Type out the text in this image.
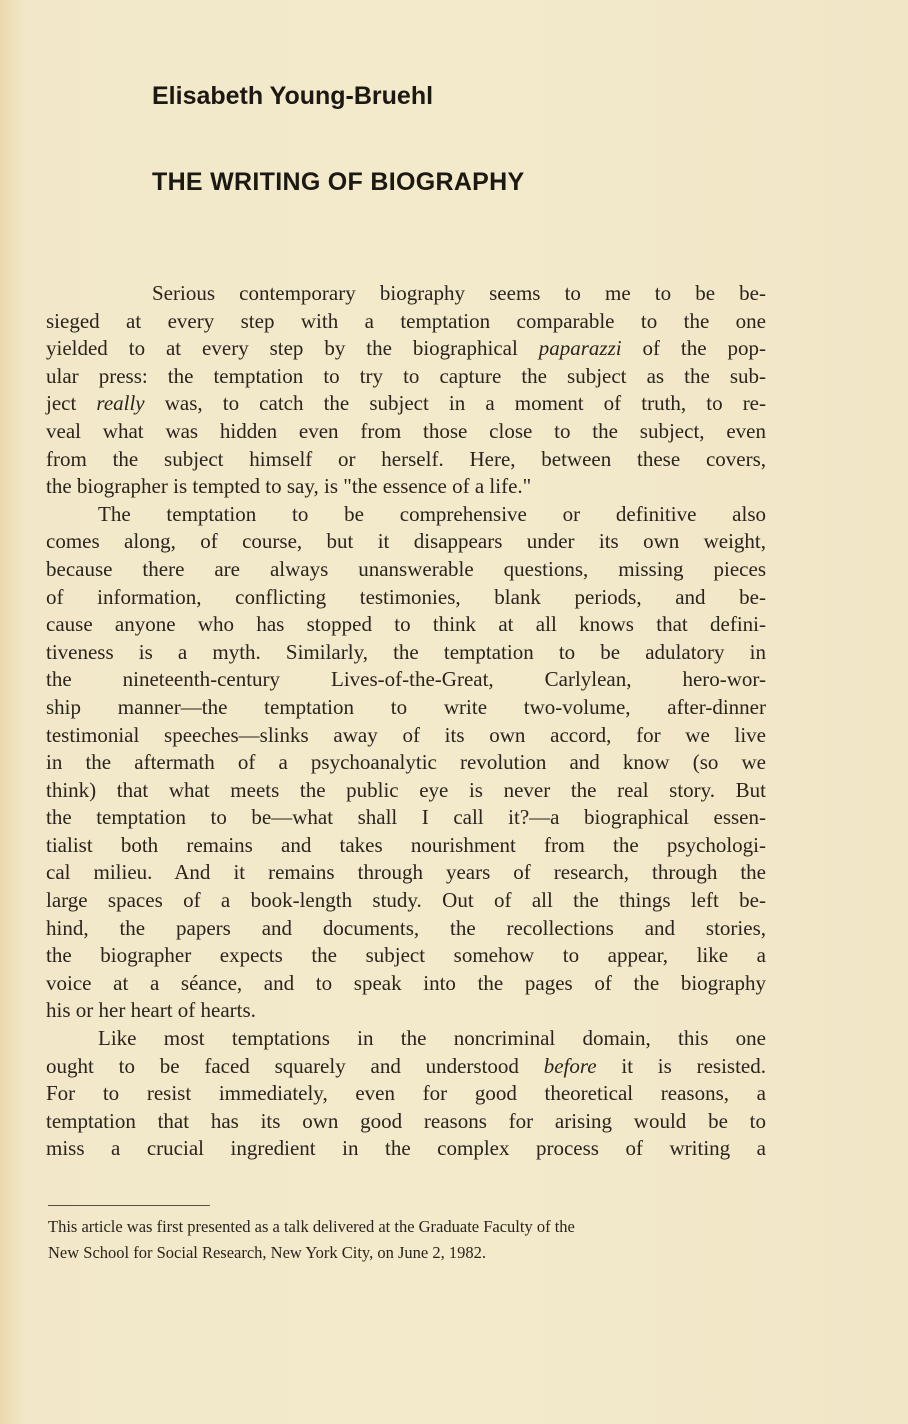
Elisabeth Young-Bruehl
THE WRITING OF BIOGRAPHY
Serious contemporary biography seems to me to be be-
sieged at every step with a temptation comparable to the one
yielded to at every step by the biographical paparazzi of the pop-
ular press: the temptation to try to capture the subject as the sub-
ject really was, to catch the subject in a moment of truth, to re-
veal what was hidden even from those close to the subject, even
from the subject himself or herself. Here, between these covers,
the biographer is tempted to say, is "the essence of a life."
The temptation to be comprehensive or definitive also
comes along, of course, but it disappears under its own weight,
because there are always unanswerable questions, missing pieces
of information, conflicting testimonies, blank periods, and be-
cause anyone who has stopped to think at all knows that defini-
tiveness is a myth. Similarly, the temptation to be adulatory in
the nineteenth-century Lives-of-the-Great, Carlylean, hero-wor-
ship manner—the temptation to write two-volume, after-dinner
testimonial speeches—slinks away of its own accord, for we live
in the aftermath of a psychoanalytic revolution and know (so we
think) that what meets the public eye is never the real story. But
the temptation to be—what shall I call it?—a biographical essen-
tialist both remains and takes nourishment from the psychologi-
cal milieu. And it remains through years of research, through the
large spaces of a book-length study. Out of all the things left be-
hind, the papers and documents, the recollections and stories,
the biographer expects the subject somehow to appear, like a
voice at a séance, and to speak into the pages of the biography
his or her heart of hearts.
Like most temptations in the noncriminal domain, this one
ought to be faced squarely and understood before it is resisted.
For to resist immediately, even for good theoretical reasons, a
temptation that has its own good reasons for arising would be to
miss a crucial ingredient in the complex process of writing a
This article was first presented as a talk delivered at the Graduate Faculty of the
New School for Social Research, New York City, on June 2, 1982.
